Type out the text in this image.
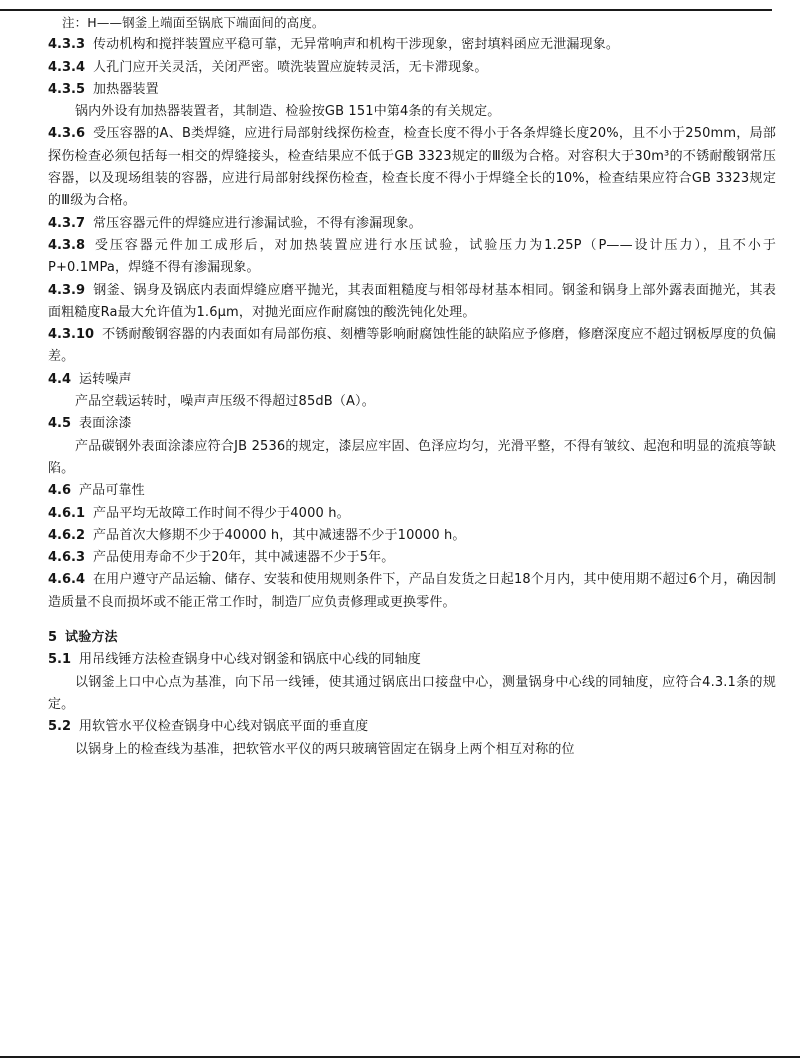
注：H——钢釜上端面至锅底下端面间的高度。

4.3.3 传动机构和搅拌装置应平稳可靠，无异常响声和机构干涉现象，密封填料函应无泄漏现象。

4.3.4 人孔门应开关灵活，关闭严密。喷洗装置应旋转灵活，无卡滞现象。

4.3.5 加热器装置

锅内外设有加热器装置者，其制造、检验按GB 151中第4条的有关规定。

4.3.6 受压容器的A、B类焊缝，应进行局部射线探伤检查，检查长度不得小于各条焊缝长度20%，且不小于250mm，局部探伤检查必须包括每一相交的焊缝接头，检查结果应不低于GB 3323规定的Ⅲ级为合格。对容积大于30m³的不锈耐酸钢常压容器，以及现场组装的容器，应进行局部射线探伤检查，检查长度不得小于焊缝全长的10%，检查结果应符合GB 3323规定的Ⅲ级为合格。

4.3.7 常压容器元件的焊缝应进行渗漏试验，不得有渗漏现象。

4.3.8 受压容器元件加工成形后，对加热装置应进行水压试验，试验压力为1.25P（P——设计压力），且不小于P+0.1MPa，焊缝不得有渗漏现象。

4.3.9 钢釜、锅身及锅底内表面焊缝应磨平抛光，其表面粗糙度与相邻母材基本相同。钢釜和锅身上部外露表面抛光，其表面粗糙度Ra最大允许值为1.6μm，对抛光面应作耐腐蚀的酸洗钝化处理。

4.3.10 不锈耐酸钢容器的内表面如有局部伤痕、刻槽等影响耐腐蚀性能的缺陷应予修磨，修磨深度应不超过钢板厚度的负偏差。

4.4 运转噪声

产品空载运转时，噪声声压级不得超过85dB（A）。

4.5 表面涂漆

产品碳钢外表面涂漆应符合JB 2536的规定，漆层应牢固、色泽应均匀，光滑平整，不得有皱纹、起泡和明显的流痕等缺陷。

4.6 产品可靠性

4.6.1 产品平均无故障工作时间不得少于4000 h。

4.6.2 产品首次大修期不少于40000 h，其中减速器不少于10000 h。

4.6.3 产品使用寿命不少于20年，其中减速器不少于5年。

4.6.4 在用户遵守产品运输、储存、安装和使用规则条件下，产品自发货之日起18个月内，其中使用期不超过6个月，确因制造质量不良而损坏或不能正常工作时，制造厂应负责修理或更换零件。

5 试验方法

5.1 用吊线锤方法检查锅身中心线对钢釜和锅底中心线的同轴度

以钢釜上口中心点为基准，向下吊一线锤，使其通过锅底出口接盘中心，测量锅身中心线的同轴度，应符合4.3.1条的规定。

5.2 用软管水平仪检查锅身中心线对锅底平面的垂直度

以锅身上的检查线为基准，把软管水平仪的两只玻璃管固定在锅身上两个相互对称的位
